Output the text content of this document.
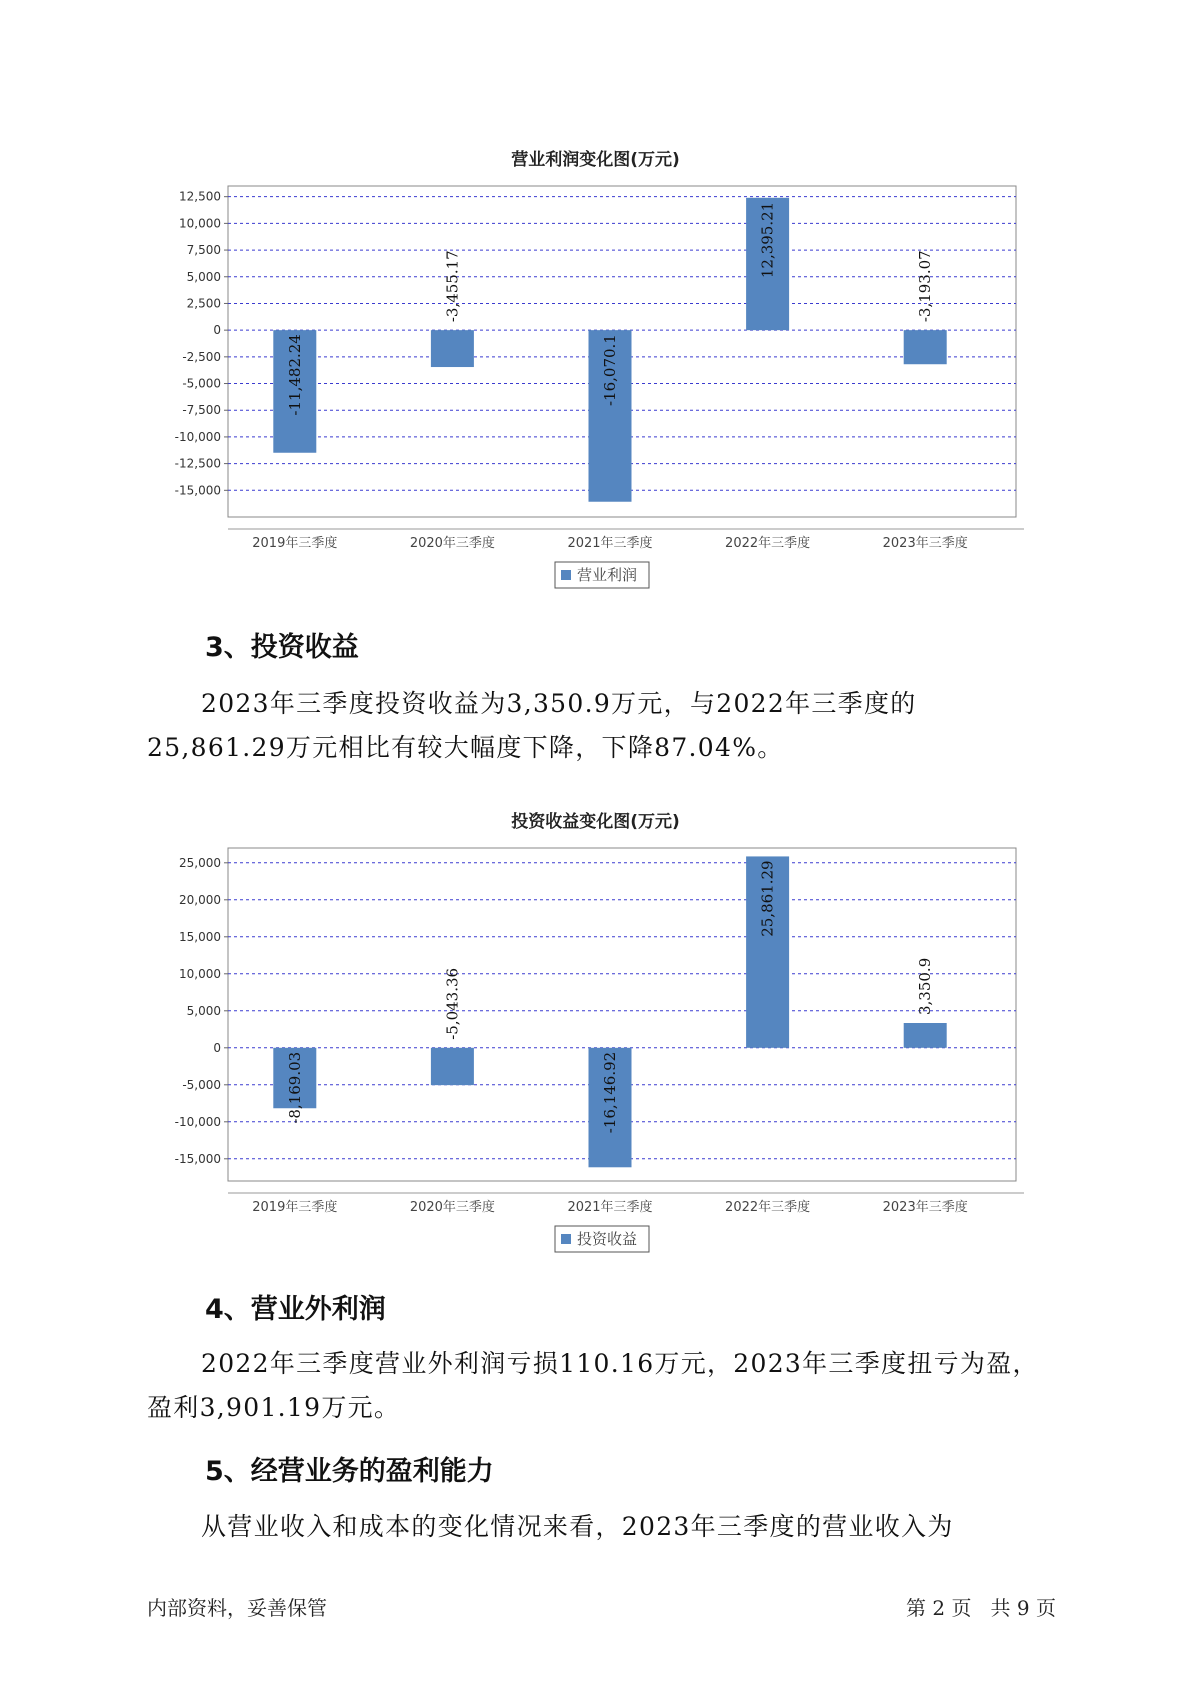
营业利润变化图(万元)
12,500
10,000
7,500
5,000
2,500
0
-2,500
-5,000
-7,500
-10,000
-12,500
-15,000
-11,482.24
2019年三季度
-3,455.17
2020年三季度
-16,070.1
2021年三季度
12,395.21
2022年三季度
-3,193.07
2023年三季度
营业利润
3、投资收益

2023年三季度投资收益为3,350.9万元，与2022年三季度的25,861.29万元相比有较大幅度下降，下降87.04%。

投资收益变化图(万元)
25,000
20,000
15,000
10,000
5,000
0
-5,000
-10,000
-15,000
-8,169.03
2019年三季度
-5,043.36
2020年三季度
-16,146.92
2021年三季度
25,861.29
2022年三季度
3,350.9
2023年三季度
投资收益
4、营业外利润

2022年三季度营业外利润亏损110.16万元，2023年三季度扭亏为盈，盈利3,901.19万元。

5、经营业务的盈利能力

从营业收入和成本的变化情况来看，2023年三季度的营业收入为

内部资料，妥善保管	第 2 页   共 9 页
